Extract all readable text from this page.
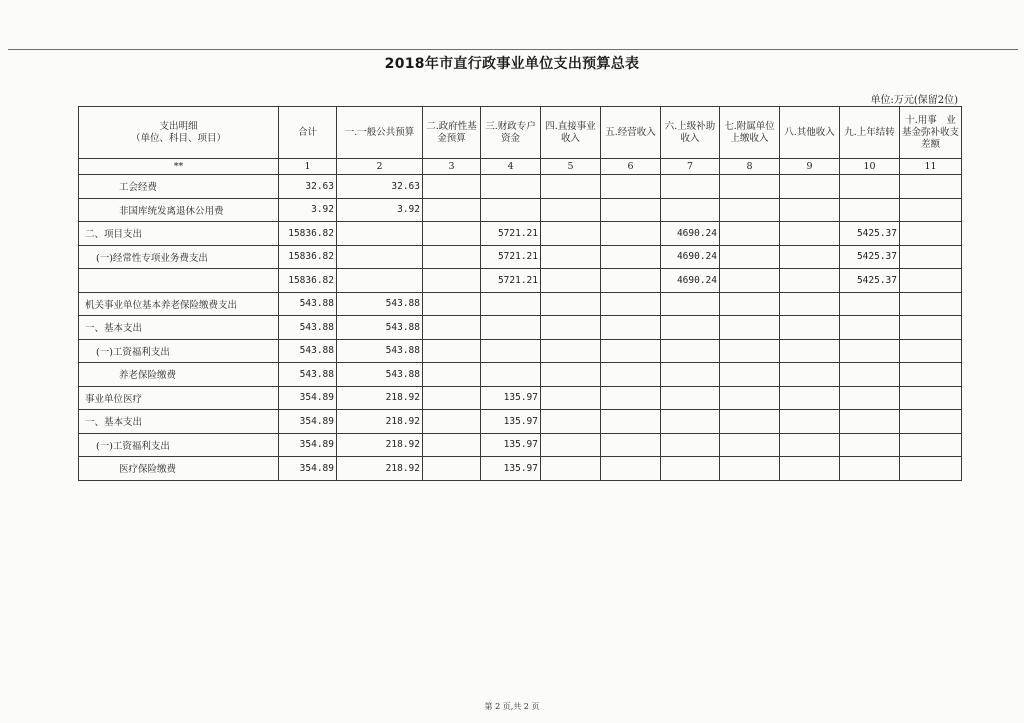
2018年市直行政事业单位支出预算总表
单位:万元(保留2位)
支出明细
（单位、科目、项目）	合计	一.一般公共预算	二.政府性基金预算	三.财政专户资金	四.直接事业收入	五.经营收入	六.上级补助收入	七.附属单位上缴收入	八.其他收入	九.上年结转	十.用事　业基金弥补收支差额
**	1	2	3	4	5	6	7	8	9	10	11
工会经费	32.63	32.63									
非国库统发离退休公用费	3.92	3.92									
二、项目支出	15836.82			5721.21			4690.24			5425.37	
(一)经常性专项业务费支出	15836.82			5721.21			4690.24			5425.37	
	15836.82			5721.21			4690.24			5425.37	
机关事业单位基本养老保险缴费支出	543.88	543.88									
一、基本支出	543.88	543.88									
(一)工资福利支出	543.88	543.88									
养老保险缴费	543.88	543.88									
事业单位医疗	354.89	218.92		135.97							
一、基本支出	354.89	218.92		135.97							
(一)工资福利支出	354.89	218.92		135.97							
医疗保险缴费	354.89	218.92		135.97							
第 2 页,共 2 页
